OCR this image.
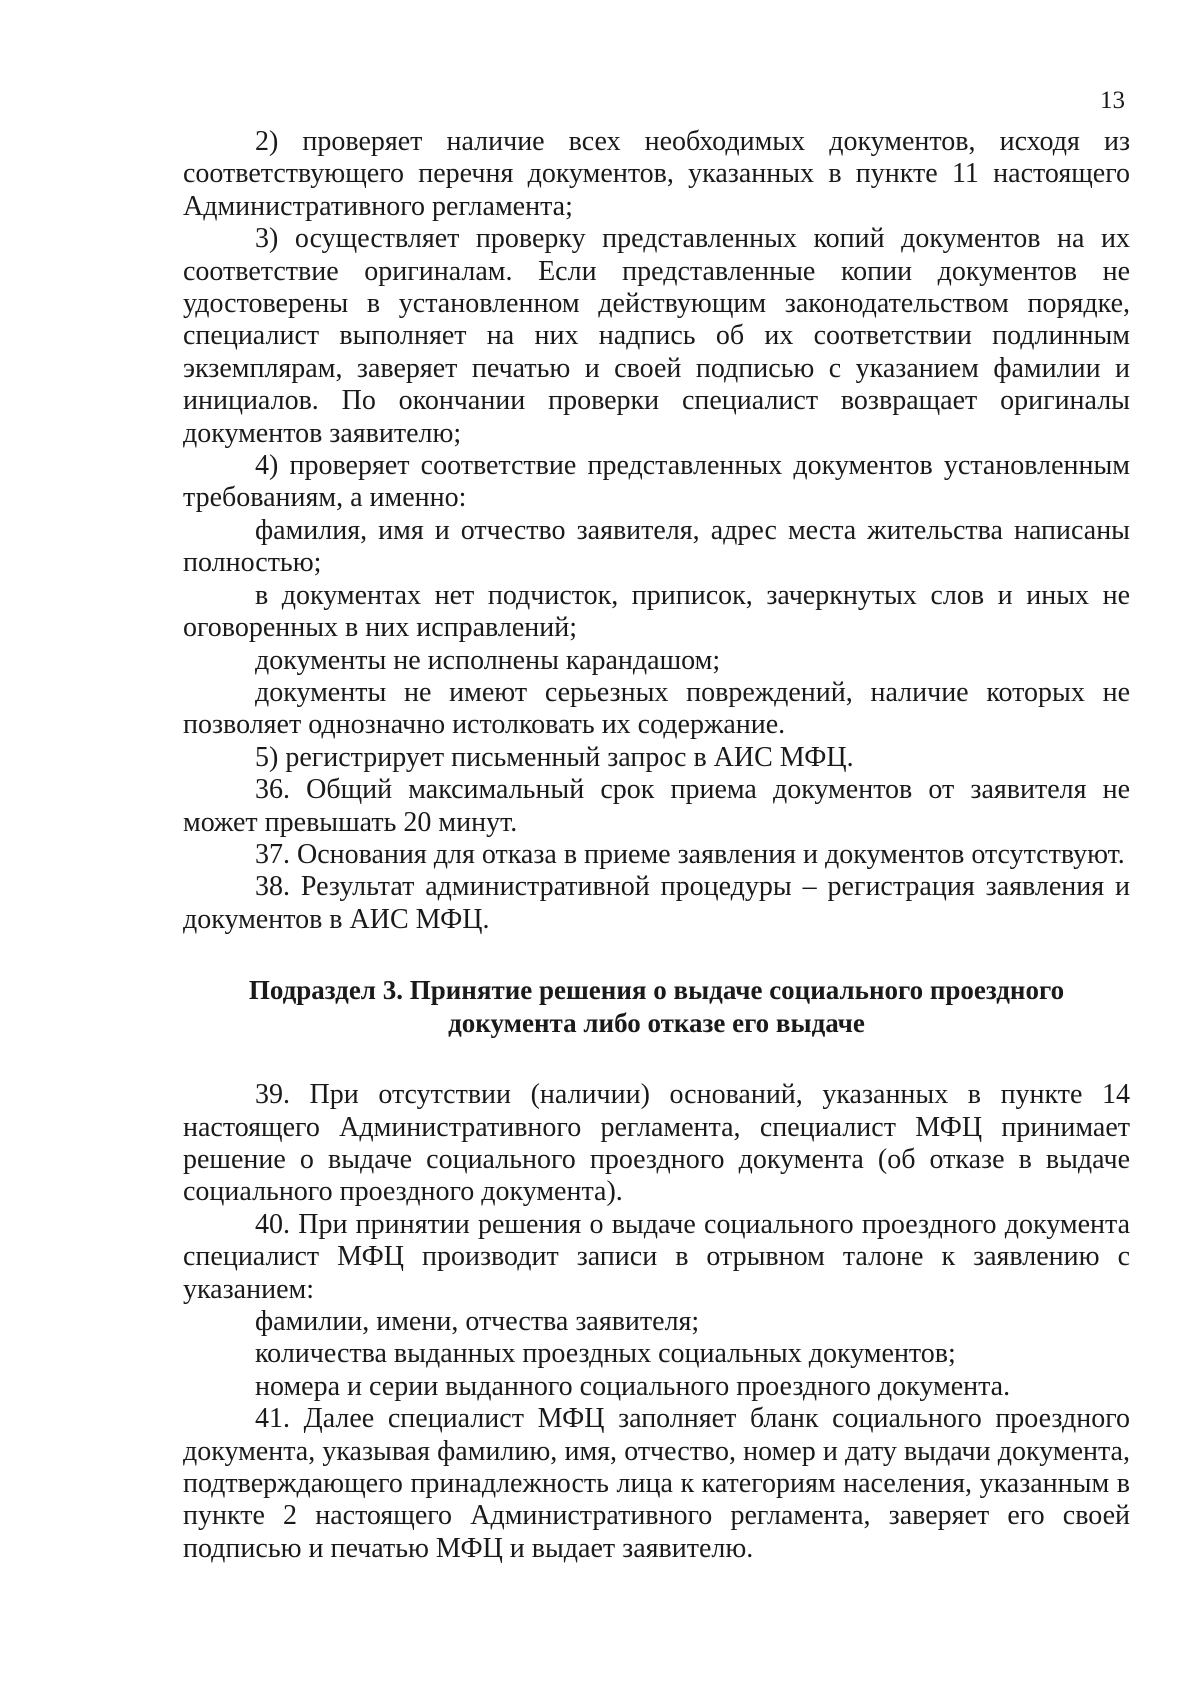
13

2) проверяет наличие всех необходимых документов, исходя из соответствующего перечня документов, указанных в пункте 11 настоящего Административного регламента;

3) осуществляет проверку представленных копий документов на их соответствие оригиналам. Если представленные копии документов не удостоверены в установленном действующим законодательством порядке, специалист выполняет на них надпись об их соответствии подлинным экземплярам, заверяет печатью и своей подписью с указанием фамилии и инициалов. По окончании проверки специалист возвращает оригиналы документов заявителю;

4) проверяет соответствие представленных документов установленным требованиям, а именно:

фамилия, имя и отчество заявителя, адрес места жительства написаны полностью;

в документах нет подчисток, приписок, зачеркнутых слов и иных не оговоренных в них исправлений;

документы не исполнены карандашом;

документы не имеют серьезных повреждений, наличие которых не позволяет однозначно истолковать их содержание.

5) регистрирует письменный запрос в АИС МФЦ.

36. Общий максимальный срок приема документов от заявителя не может превышать 20 минут.

37. Основания для отказа в приеме заявления и документов отсутствуют.

38. Результат административной процедуры – регистрация заявления и документов в АИС МФЦ.

Подраздел 3. Принятие решения о выдаче социального проездного
документа либо отказе его выдаче

39. При отсутствии (наличии) оснований, указанных в пункте 14 настоящего Административного регламента, специалист МФЦ принимает решение о выдаче социального проездного документа (об отказе в выдаче социального проездного документа).

40. При принятии решения о выдаче социального проездного документа специалист МФЦ производит записи в отрывном талоне к заявлению с указанием:

фамилии, имени, отчества заявителя;

количества выданных проездных социальных документов;

номера и серии выданного социального проездного документа.

41. Далее специалист МФЦ заполняет бланк социального проездного документа, указывая фамилию, имя, отчество, номер и дату выдачи документа, подтверждающего принадлежность лица к категориям населения, указанным в пункте 2 настоящего Административного регламента, заверяет его своей подписью и печатью МФЦ и выдает заявителю.
